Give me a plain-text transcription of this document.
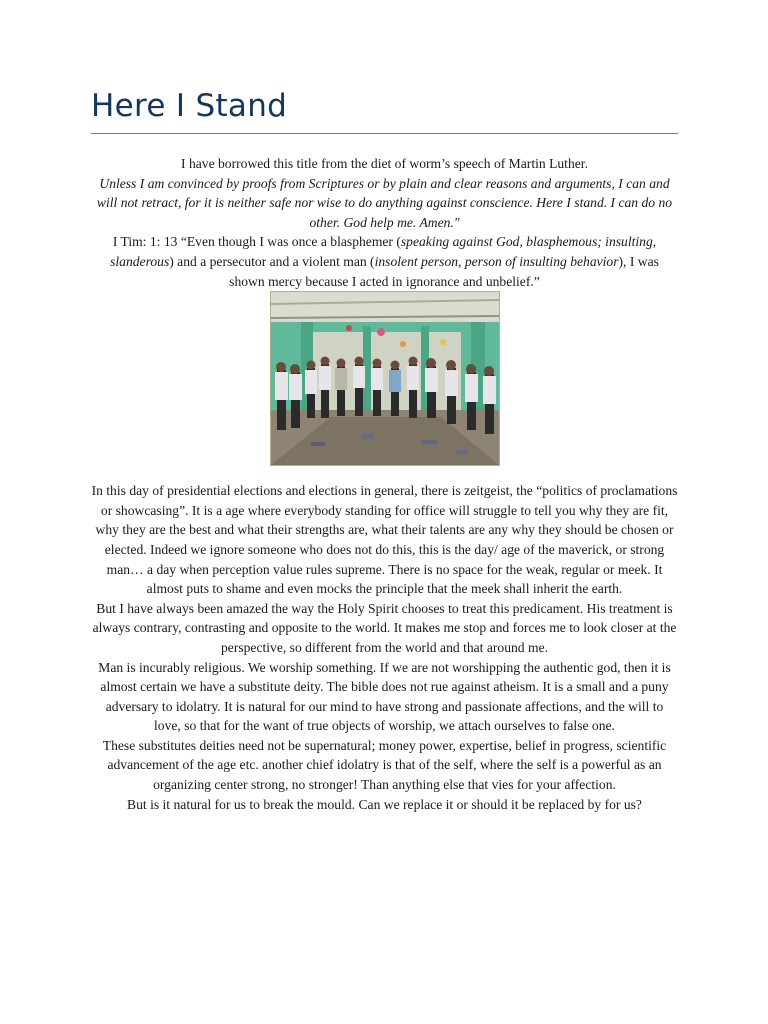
Here I Stand

I have borrowed this title from the diet of worm’s speech of Martin Luther.

Unless I am convinced by proofs from Scriptures or by plain and clear reasons and arguments, I can and will not retract, for it is neither safe nor wise to do anything against conscience. Here I stand. I can do no other. God help me. Amen."

I Tim: 1: 13 “Even though I was once a blasphemer (speaking against God, blasphemous; insulting, slanderous) and a persecutor and a violent man (insolent person, person of insulting behavior), I was shown mercy because I acted in ignorance and unbelief.”

In this day of presidential elections and elections in general, there is zeitgeist, the “politics of proclamations or showcasing”. It is a age where everybody standing for office will struggle to tell you why they are fit, why they are the best and what their strengths are, what their talents are any why they should be chosen or elected. Indeed we ignore someone who does not do this, this is the day/ age of the maverick, or strong man… a day when perception value rules supreme. There is no space for the weak, regular or meek. It almost puts to shame and even mocks the principle that the meek shall inherit the earth.

But I have always been amazed the way the Holy Spirit chooses to treat this predicament. His treatment is always contrary, contrasting and opposite to the world. It makes me stop and forces me to look closer at the perspective, so different from the world and that around me.

Man is incurably religious. We worship something. If we are not worshipping the authentic god, then it is almost certain we have a substitute deity. The bible does not rue against atheism. It is a small and a puny adversary to idolatry. It is natural for our mind to have strong and passionate affections, and the will to love, so that for the want of true objects of worship, we attach ourselves to false one.

These substitutes deities need not be supernatural; money power, expertise, belief in progress, scientific advancement of the age etc. another chief idolatry is that of the self, where the self is a powerful as an organizing center strong, no stronger! Than anything else that vies for your affection.

But is it natural for us to break the mould. Can we replace it or should it be replaced by for us?
